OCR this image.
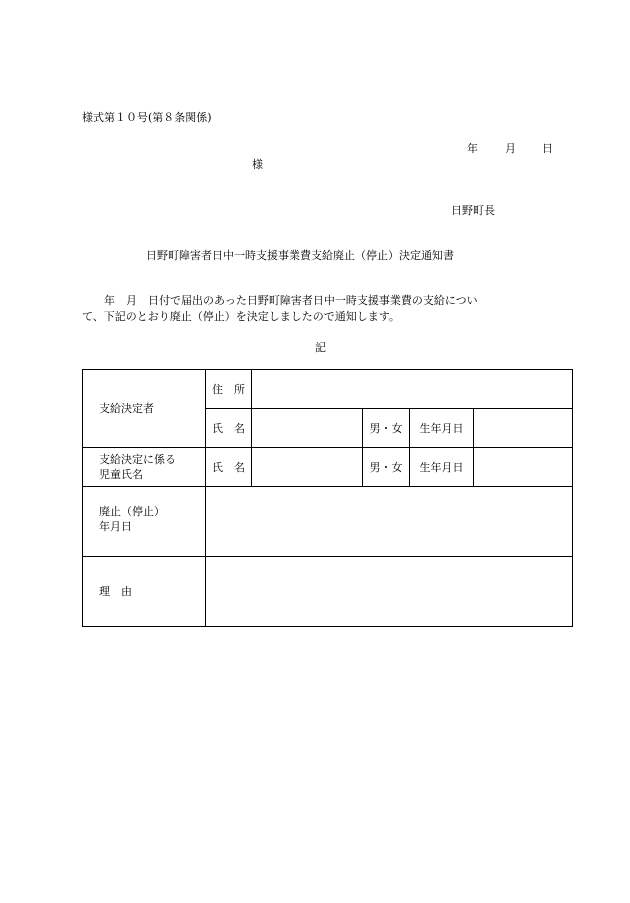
様式第１０号(第８条関係)
年 月 日
様
日野町長
日野町障害者日中一時支援事業費支給廃止（停止）決定通知書
　　年　月　日付で届出のあった日野町障害者日中一時支援事業費の支給につい
て、下記のとおり廃止（停止）を決定しましたので通知します。
記
支給決定者	住　所				
	氏　名		男・女	生年月日	
支給決定に係る
児童氏名	氏　名		男・女	生年月日	
廃止（停止）
年月日					
理　由					
